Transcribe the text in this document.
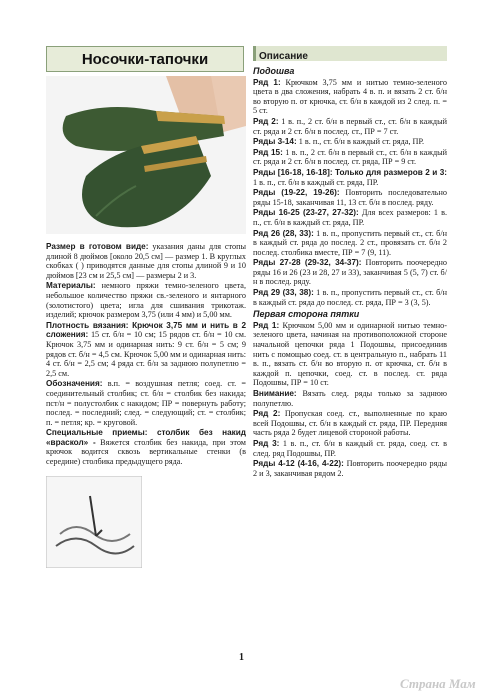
Носочки-тапочки

Размер в готовом виде: указания даны для стопы длиной 8 дюймов [около 20,5 см] — размер 1. В круглых скобках ( ) приводятся данные для стопы длиной 9 и 10 дюймов [23 см и 25,5 см] — размеры 2 и 3.

Материалы: немного пряжи темно-зеленого цвета, небольшое количество пряжи св.-зеленого и янтарного (золотистого) цвета; игла для сшивания трикотаж. изделий; крючок размером 3,75 (или 4 мм) и 5,00 мм.

Плотность вязания: Крючок 3,75 мм и нить в 2 сложения: 15 ст. б/н = 10 см; 15 рядов ст. б/н = 10 см. Крючок 3,75 мм и одинарная нить: 9 ст. б/н = 5 см; 9 рядов ст. б/н = 4,5 см. Крючок 5,00 мм и одинарная нить: 4 ст. б/н = 2,5 см; 4 ряда ст. б/н за заднюю полупетлю = 2,5 см.

Обозначения: в.п. = воздушная петля; соед. ст. = соединительный столбик; ст. б/н = столбик без накида; пст/н = полустолбик с накидом; ПР = повернуть работу; послед. = последний; след. = следующий; ст. = столбик; п. = петля; кр. = круговой.

Специальные приемы: столбик без накид «враскол» - Вяжется столбик без накида, при этом крючок водится сквозь вертикальные стенки (в середине) столбика предыдущего ряда.

Описание

Подошва

Ряд 1: Крючком 3,75 мм и нитью темно-зеленого цвета в два сложения, набрать 4 в. п. и вязать 2 ст. б/н во вторую п. от крючка, ст. б/н в каждой из 2 след. п. = 5 ст.

Ряд 2: 1 в. п., 2 ст. б/н в первый ст., ст. б/н в каждый ст. ряда и 2 ст. б/н в послед. ст., ПР = 7 ст.

Ряды 3-14: 1 в. п., ст. б/н в каждый ст. ряда, ПР.

Ряд 15: 1 в. п., 2 ст. б/н в первый ст., ст. б/н в каждый ст. ряда и 2 ст. б/н в послед. ст. ряда, ПР = 9 ст.

Ряды [16-18, 16-18]: Только для размеров 2 и 3: 1 в. п., ст. б/н в каждый ст. ряда, ПР.

Ряды (19-22, 19-26): Повторить последовательно ряды 15-18, заканчивая 11, 13 ст. б/н в послед. ряду.

Ряды 16-25 (23-27, 27-32): Для всех размеров: 1 в. п., ст. б/н в каждый ст. ряда, ПР.

Ряд 26 (28, 33): 1 в. п., пропустить первый ст., ст. б/н в каждый ст. ряда до послед. 2 ст., провязать ст. б/н 2 послед. столбика вместе, ПР = 7 (9, 11).

Ряды 27-28 (29-32, 34-37): Повторить поочередно ряды 16 и 26 (23 и 28, 27 и 33), заканчивая 5 (5, 7) ст. б/н в послед. ряду.

Ряд 29 (33, 38): 1 в. п., пропустить первый ст., ст. б/н в каждый ст. ряда до послед. ст. ряда, ПР = 3 (3, 5).

Первая сторона пятки

Ряд 1: Крючком 5,00 мм и одинарной нитью темно-зеленого цвета, начиная на противоположной стороне начальной цепочки ряда 1 Подошвы, присоединив нить с помощью соед. ст. в центральную п., набрать 11 в. п., вязать ст. б/н во вторую п. от крючка, ст. б/н в каждой п. цепочки, соед. ст. в послед. ст. ряда Подошвы, ПР = 10 ст.

Внимание: Вязать след. ряды только за заднюю полупетлю.

Ряд 2: Пропуская соед. ст., выполненные по краю всей Подошвы, ст. б/н в каждый ст. ряда, ПР. Передняя часть ряда 2 будет лицевой стороной работы.

Ряд 3: 1 в. п., ст. б/н в каждый ст. ряда, соед. ст. в след. ряд Подошвы, ПР.

Ряды 4-12 (4-16, 4-22): Повторить поочередно ряды 2 и 3, заканчивая рядом 2.

1
Страна Мам
